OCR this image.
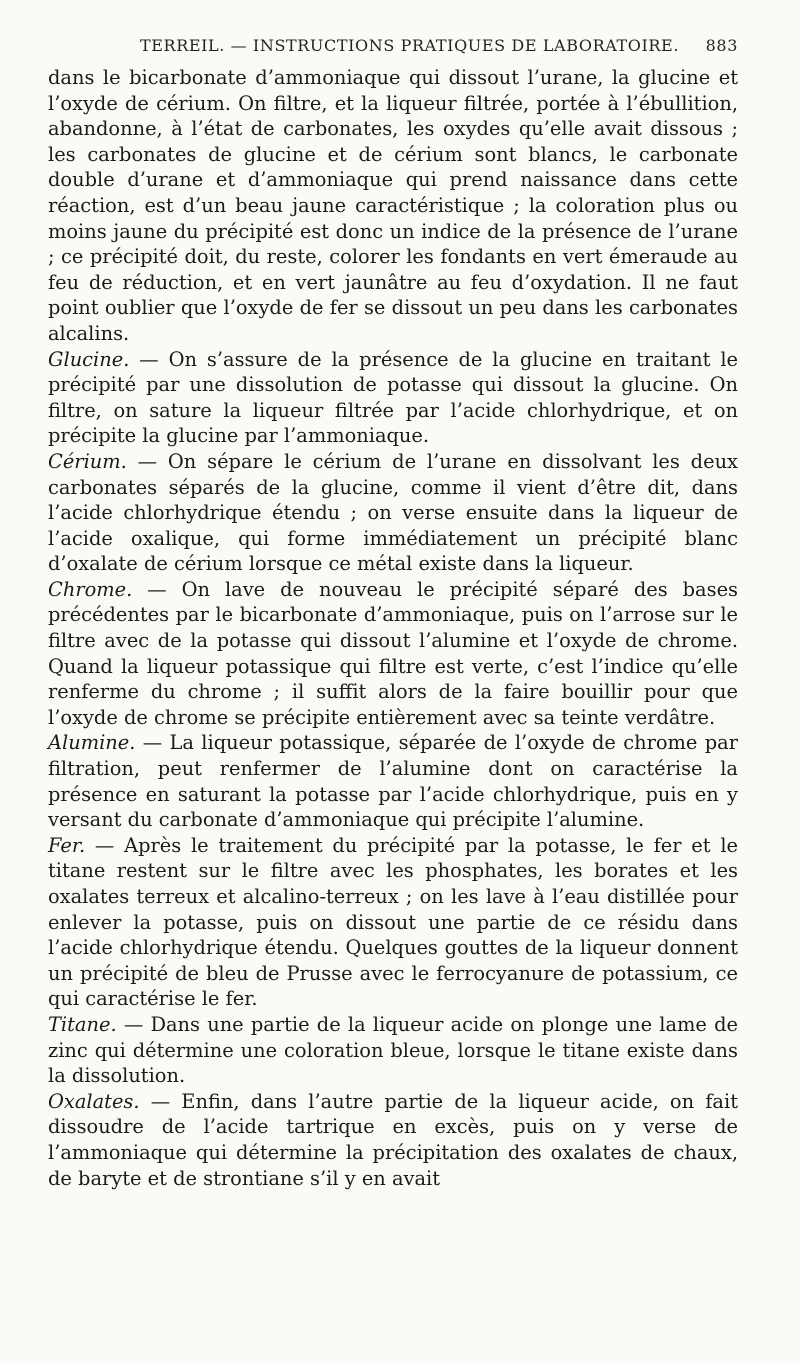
TERREIL. — INSTRUCTIONS PRATIQUES DE LABORATOIRE. 883

dans le bicarbonate d’ammoniaque qui dissout l’urane, la glucine et l’oxyde de cérium. On filtre, et la liqueur filtrée, portée à l’ébullition, abandonne, à l’état de carbonates, les oxydes qu’elle avait dissous ; les carbonates de glucine et de cérium sont blancs, le carbonate double d’urane et d’ammoniaque qui prend naissance dans cette réaction, est d’un beau jaune caractéristique ; la coloration plus ou moins jaune du précipité est donc un indice de la présence de l’urane ; ce précipité doit, du reste, colorer les fondants en vert émeraude au feu de réduction, et en vert jaunâtre au feu d’oxydation. Il ne faut point oublier que l’oxyde de fer se dissout un peu dans les carbonates alcalins.

Glucine. — On s’assure de la présence de la glucine en traitant le précipité par une dissolution de potasse qui dissout la glucine. On filtre, on sature la liqueur filtrée par l’acide chlorhydrique, et on précipite la glucine par l’ammoniaque.

Cérium. — On sépare le cérium de l’urane en dissolvant les deux carbonates séparés de la glucine, comme il vient d’être dit, dans l’acide chlorhydrique étendu ; on verse ensuite dans la liqueur de l’acide oxalique, qui forme immédiatement un précipité blanc d’oxalate de cérium lorsque ce métal existe dans la liqueur.

Chrome. — On lave de nouveau le précipité séparé des bases précédentes par le bicarbonate d’ammoniaque, puis on l’arrose sur le filtre avec de la potasse qui dissout l’alumine et l’oxyde de chrome. Quand la liqueur potassique qui filtre est verte, c’est l’indice qu’elle renferme du chrome ; il suffit alors de la faire bouillir pour que l’oxyde de chrome se précipite entièrement avec sa teinte verdâtre.

Alumine. — La liqueur potassique, séparée de l’oxyde de chrome par filtration, peut renfermer de l’alumine dont on caractérise la présence en saturant la potasse par l’acide chlorhydrique, puis en y versant du carbonate d’ammoniaque qui précipite l’alumine.

Fer. — Après le traitement du précipité par la potasse, le fer et le titane restent sur le filtre avec les phosphates, les borates et les oxalates terreux et alcalino-terreux ; on les lave à l’eau distillée pour enlever la potasse, puis on dissout une partie de ce résidu dans l’acide chlorhydrique étendu. Quelques gouttes de la liqueur donnent un précipité de bleu de Prusse avec le ferrocyanure de potassium, ce qui caractérise le fer.

Titane. — Dans une partie de la liqueur acide on plonge une lame de zinc qui détermine une coloration bleue, lorsque le titane existe dans la dissolution.

Oxalates. — Enfin, dans l’autre partie de la liqueur acide, on fait dissoudre de l’acide tartrique en excès, puis on y verse de l’ammoniaque qui détermine la précipitation des oxalates de chaux, de baryte et de strontiane s’il y en avait
